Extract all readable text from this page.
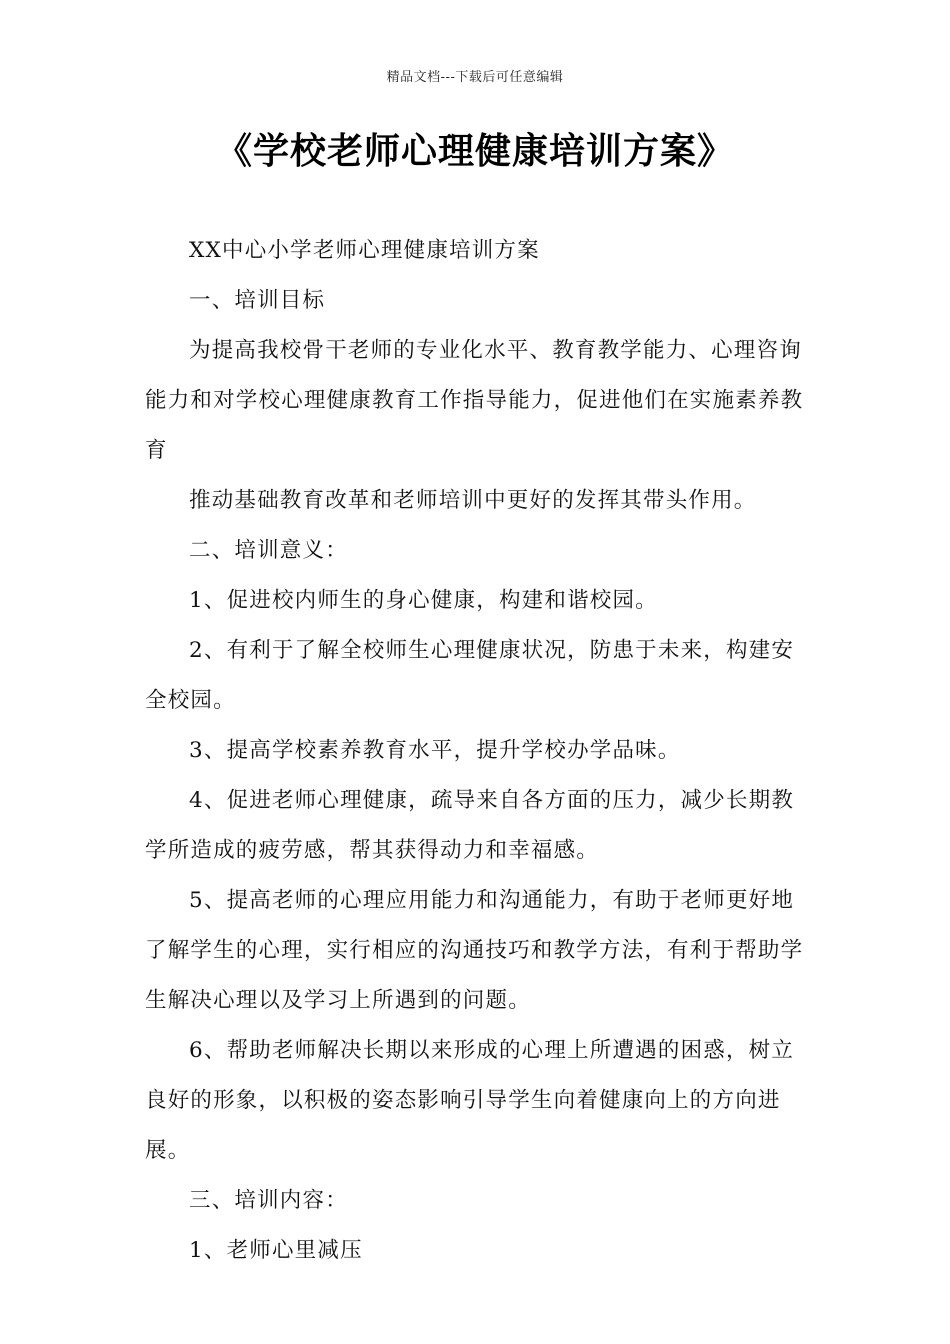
精品文档---下载后可任意编辑
《学校老师心理健康培训方案》

XX中心小学老师心理健康培训方案

一、培训目标

为提高我校骨干老师的专业化水平、教育教学能力、心理咨询能力和对学校心理健康教育工作指导能力，促进他们在实施素养教育

推动基础教育改革和老师培训中更好的发挥其带头作用。

二、培训意义：

1、促进校内师生的身心健康，构建和谐校园。

2、有利于了解全校师生心理健康状况，防患于未来，构建安全校园。

3、提高学校素养教育水平，提升学校办学品味。

4、促进老师心理健康，疏导来自各方面的压力，减少长期教学所造成的疲劳感，帮其获得动力和幸福感。

5、提高老师的心理应用能力和沟通能力，有助于老师更好地了解学生的心理，实行相应的沟通技巧和教学方法，有利于帮助学生解决心理以及学习上所遇到的问题。

6、帮助老师解决长期以来形成的心理上所遭遇的困惑，树立良好的形象，以积极的姿态影响引导学生向着健康向上的方向进展。

三、培训内容：

1、老师心里减压
